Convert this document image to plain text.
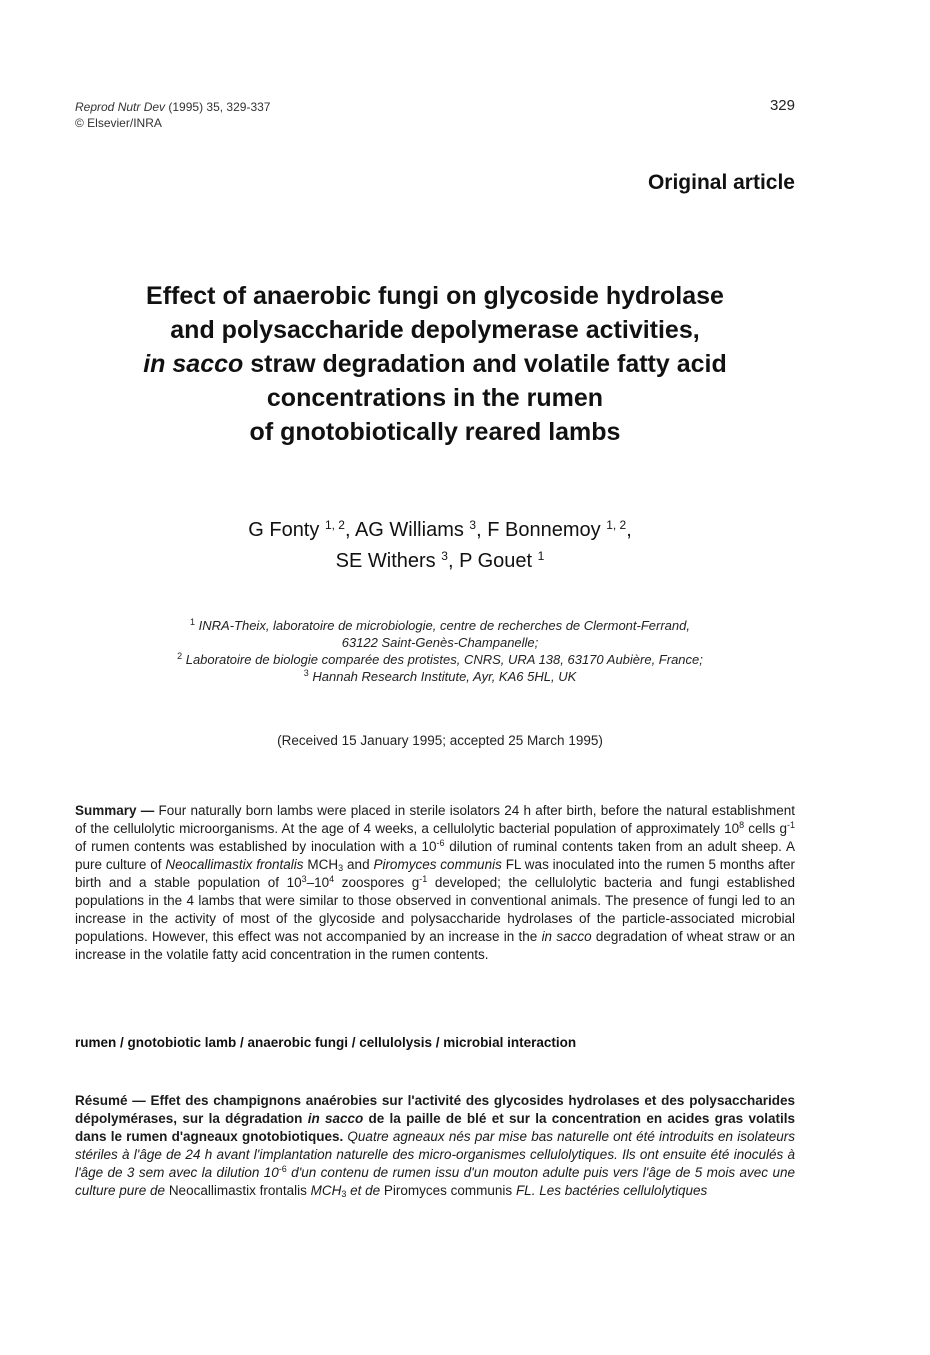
Reprod Nutr Dev (1995) 35, 329-337
© Elsevier/INRA
329
Original article
Effect of anaerobic fungi on glycoside hydrolase
and polysaccharide depolymerase activities,
in sacco straw degradation and volatile fatty acid
concentrations in the rumen
of gnotobiotically reared lambs
G Fonty $^{1, 2}$, AG Williams $^3$, F Bonnemoy $^{1, 2}$,
SE Withers $^3$, P Gouet $^1$
$^1$ INRA-Theix, laboratoire de microbiologie, centre de recherches de Clermont-Ferrand,
63122 Saint-Genès-Champanelle;
$^2$ Laboratoire de biologie comparée des protistes, CNRS, URA 138, 63170 Aubière, France;
$^3$ Hannah Research Institute, Ayr, KA6 5HL, UK
(Received 15 January 1995; accepted 25 March 1995)
Summary — Four naturally born lambs were placed in sterile isolators 24 h after birth, before the natural establishment of the cellulolytic microorganisms. At the age of 4 weeks, a cellulolytic bacterial population of approximately $10^8$ cells $g^{-1}$ of rumen contents was established by inoculation with a $10^{-6}$ dilution of ruminal contents taken from an adult sheep. A pure culture of Neocallimastix frontalis $MCH_3$ and Piromyces communis FL was inoculated into the rumen 5 months after birth and a stable population of $10^3-10^4$ zoospores $g^{-1}$ developed; the cellulolytic bacteria and fungi established populations in the 4 lambs that were similar to those observed in conventional animals. The presence of fungi led to an increase in the activity of most of the glycoside and polysaccharide hydrolases of the particle-associated microbial populations. However, this effect was not accompanied by an increase in the in sacco degradation of wheat straw or an increase in the volatile fatty acid concentration in the rumen contents.
rumen / gnotobiotic lamb / anaerobic fungi / cellulolysis / microbial interaction
Résumé — Effet des champignons anaérobies sur l'activité des glycosides hydrolases et des polysaccharides dépolymérases, sur la dégradation in sacco de la paille de blé et sur la concentration en acides gras volatils dans le rumen d'agneaux gnotobiotiques. Quatre agneaux nés par mise bas naturelle ont été introduits en isolateurs stériles à l'âge de 24 h avant l'implantation naturelle des micro-organismes cellulolytiques. Ils ont ensuite été inoculés à l'âge de 3 sem avec la dilution $10^{-6}$ d'un contenu de rumen issu d'un mouton adulte puis vers l'âge de 5 mois avec une culture pure de Neocallimastix frontalis $MCH_3$ et de Piromyces communis FL. Les bactéries cellulolytiques
